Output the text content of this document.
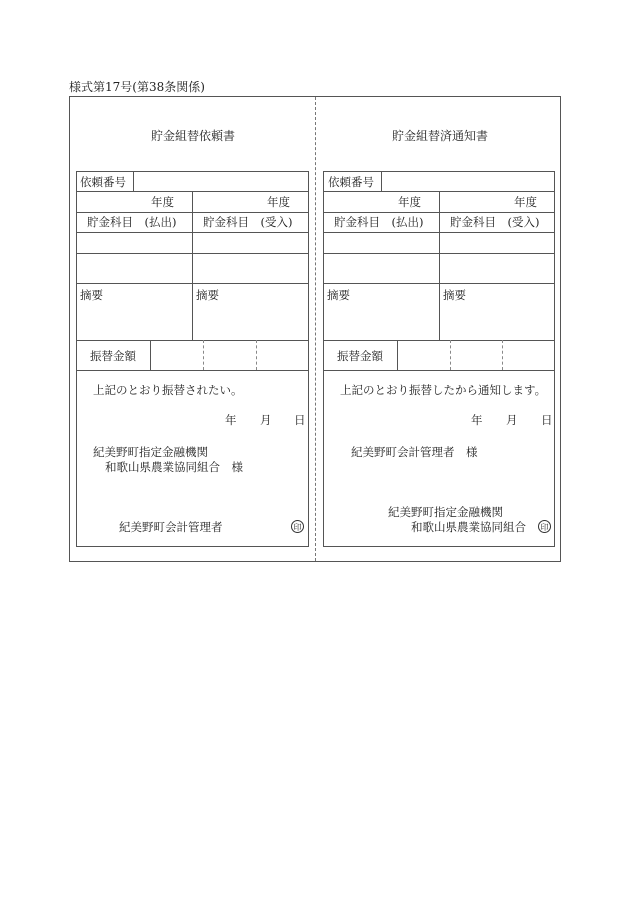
様式第17号(第38条関係)
貯金組替依頼書
依頼番号
年度	年度
貯金科目　(払出) 貯金科目　(受入)
摘要	摘要
振替金額
上記のとおり振替されたい。
年 月 日
紀美野町指定金融機関
和歌山県農業協同組合　様
紀美野町会計管理者	印
貯金組替済通知書
依頼番号
年度	年度
貯金科目　(払出) 貯金科目　(受入)
摘要	摘要
振替金額
上記のとおり振替したから通知します。
年 月 日
紀美野町会計管理者　様
紀美野町指定金融機関
和歌山県農業協同組合	印
